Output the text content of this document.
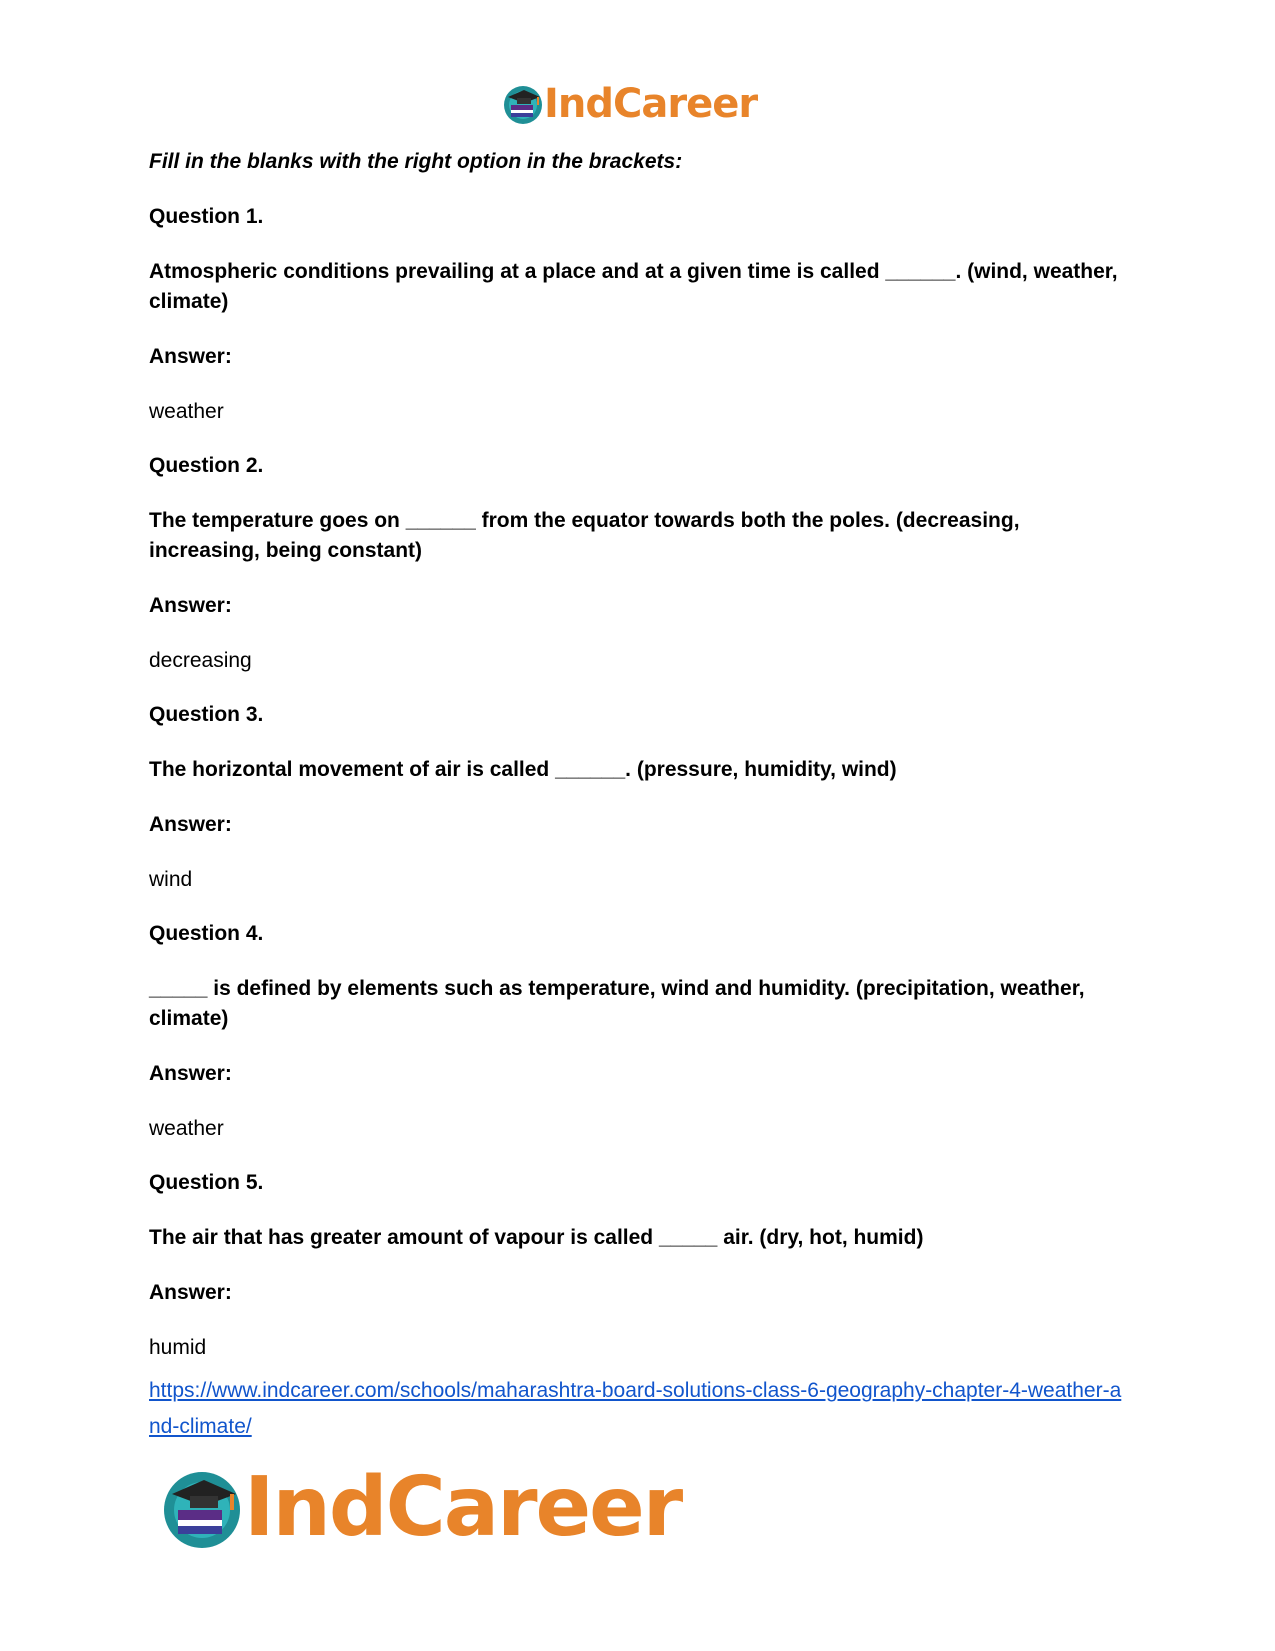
IndCareer
Fill in the blanks with the right option in the brackets:
Question 1.
Atmospheric conditions prevailing at a place and at a given time is called ______. (wind, weather, climate)
Answer:
weather
Question 2.
The temperature goes on ______ from the equator towards both the poles. (decreasing, increasing, being constant)
Answer:
decreasing
Question 3.
The horizontal movement of air is called ______. (pressure, humidity, wind)
Answer:
wind
Question 4.
_____ is defined by elements such as temperature, wind and humidity. (precipitation, weather, climate)
Answer:
weather
Question 5.
The air that has greater amount of vapour is called _____ air. (dry, hot, humid)
Answer:
humid
https://www.indcareer.com/schools/maharashtra-board-solutions-class-6-geography-chapter-4-weather-and-climate/
IndCareer
